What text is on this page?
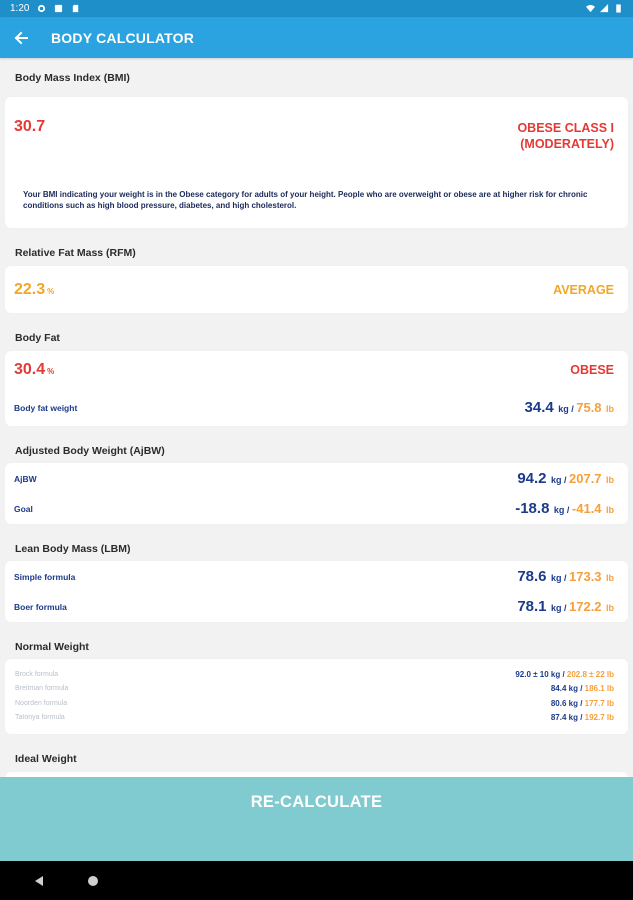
1:20
BODY CALCULATOR
Body Mass Index (BMI)
30.7	OBESE CLASS I
(MODERATELY)
Your BMI indicating your weight is in the Obese category for adults of your height. People who are overweight or obese are at higher risk for chronic conditions such as high blood pressure, diabetes, and high cholesterol.
Relative Fat Mass (RFM)
22.3 %	AVERAGE
Body Fat
30.4 %	OBESE
Body fat weight	34.4 kg / 75.8 lb
Adjusted Body Weight (AjBW)
AjBW	94.2 kg / 207.7 lb
Goal	-18.8 kg / -41.4 lb
Lean Body Mass (LBM)
Simple formula	78.6 kg / 173.3 lb
Boer formula	78.1 kg / 172.2 lb
Normal Weight
Brock formula	92.0 ± 10 kg / 202.8 ± 22 lb
Breitman formula	84.4 kg / 186.1 lb
Noorden formula	80.6 kg / 177.7 lb
Tatonya formula	87.4 kg / 192.7 lb
Ideal Weight
RE-CALCULATE
